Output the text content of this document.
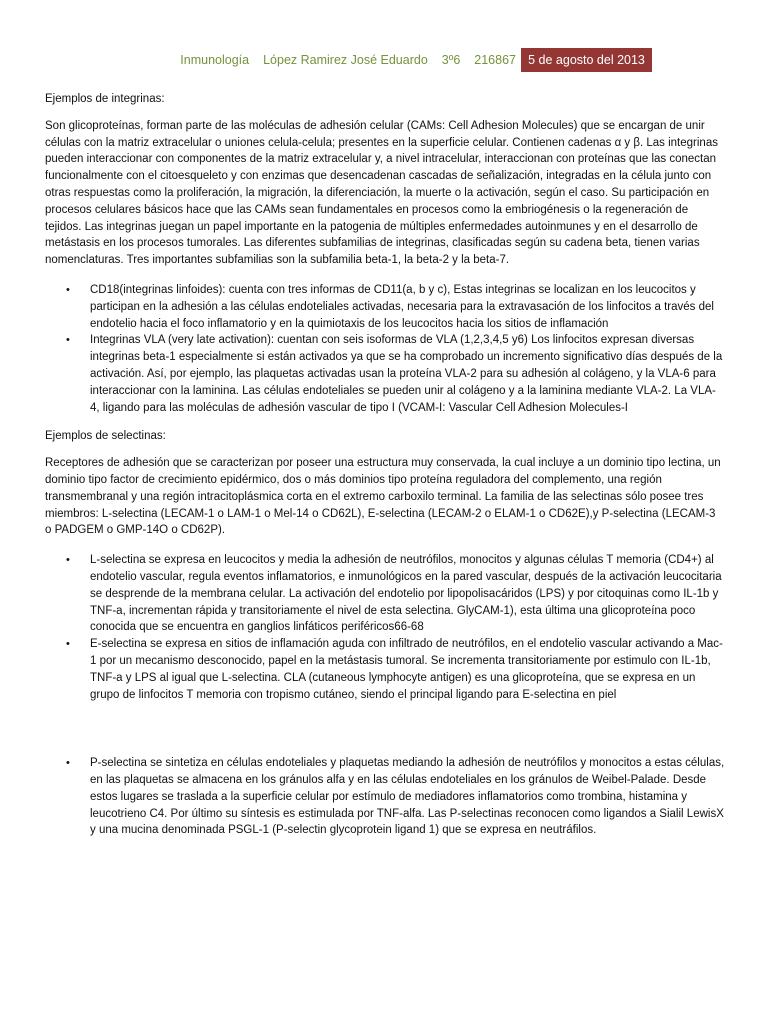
Inmunología López Ramirez José Eduardo 3º6 216867 5 de agosto del 2013
Ejemplos de integrinas:

Son glicoproteínas, forman parte de las moléculas de adhesión celular (CAMs: Cell Adhesion Molecules) que se encargan de unir células con la matriz extracelular o uniones celula-celula; presentes en la superficie celular. Contienen cadenas α y β. Las integrinas pueden interaccionar con componentes de la matriz extracelular y, a nivel intracelular, interaccionan con proteínas que las conectan funcionalmente con el citoesqueleto y con enzimas que desencadenan cascadas de señalización, integradas en la célula junto con otras respuestas como la proliferación, la migración, la diferenciación, la muerte o la activación, según el caso. Su participación en procesos celulares básicos hace que las CAMs sean fundamentales en procesos como la embriogénesis o la regeneración de tejidos. Las integrinas juegan un papel importante en la patogenia de múltiples enfermedades autoinmunes y en el desarrollo de metástasis en los procesos tumorales. Las diferentes subfamilias de integrinas, clasificadas según su cadena beta, tienen varias nomenclaturas. Tres importantes subfamilias son la subfamilia beta-1, la beta-2 y la beta-7.

• CD18(integrinas linfoides): cuenta con tres informas de CD11(a, b y c), Estas integrinas se localizan en los leucocitos y participan en la adhesión a las células endoteliales activadas, necesaria para la extravasación de los linfocitos a través del endotelio hacia el foco inflamatorio y en la quimiotaxis de los leucocitos hacia los sitios de inflamación
• Integrinas VLA (very late activation): cuentan con seis isoformas de VLA (1,2,3,4,5 y6) Los linfocitos expresan diversas integrinas beta-1 especialmente si están activados ya que se ha comprobado un incremento significativo días después de la activación. Así, por ejemplo, las plaquetas activadas usan la proteína VLA-2 para su adhesión al colágeno, y la VLA-6 para interaccionar con la laminina. Las células endoteliales se pueden unir al colágeno y a la laminina mediante VLA-2. La VLA-4, ligando para las moléculas de adhesión vascular de tipo I (VCAM-I: Vascular Cell Adhesion Molecules-I
Ejemplos de selectinas:

Receptores de adhesión que se caracterizan por poseer una estructura muy conservada, la cual incluye a un dominio tipo lectina, un dominio tipo factor de crecimiento epidérmico, dos o más dominios tipo proteína reguladora del complemento, una región transmembranal y una región intracitoplásmica corta en el extremo carboxilo terminal. La familia de las selectinas sólo posee tres miembros: L-selectina (LECAM-1 o LAM-1 o Mel-14 o CD62L), E-selectina (LECAM-2 o ELAM-1 o CD62E),y P-selectina (LECAM-3 o PADGEM o GMP-14O o CD62P).

• L-selectina se expresa en leucocitos y media la adhesión de neutrófilos, monocitos y algunas células T memoria (CD4+) al endotelio vascular, regula eventos inflamatorios, e inmunológicos en la pared vascular, después de la activación leucocitaria se desprende de la membrana celular. La activación del endotelio por lipopolisacáridos (LPS) y por citoquinas como IL-1b y TNF-a, incrementan rápida y transitoriamente el nivel de esta selectina. GlyCAM-1), esta última una glicoproteína poco conocida que se encuentra en ganglios linfáticos periféricos66-68
• E-selectina se expresa en sitios de inflamación aguda con infiltrado de neutrófilos, en el endotelio vascular activando a Mac-1 por un mecanismo desconocido, papel en la metástasis tumoral. Se incrementa transitoriamente por estimulo con IL-1b, TNF-a y LPS al igual que L-selectina. CLA (cutaneous lymphocyte antigen) es una glicoproteína, que se expresa en un grupo de linfocitos T memoria con tropismo cutáneo, siendo el principal ligando para E-selectina en piel
• P-selectina se sintetiza en células endoteliales y plaquetas mediando la adhesión de neutrófilos y monocitos a estas células, en las plaquetas se almacena en los gránulos alfa y en las células endoteliales en los gránulos de Weibel-Palade. Desde estos lugares se traslada a la superficie celular por estímulo de mediadores inflamatorios como trombina, histamina y leucotrieno C4. Por último su síntesis es estimulada por TNF-alfa. Las P-selectinas reconocen como ligandos a Sialil LewisX y una mucina denominada PSGL-1 (P-selectin glycoprotein ligand 1) que se expresa en neutráfilos.
